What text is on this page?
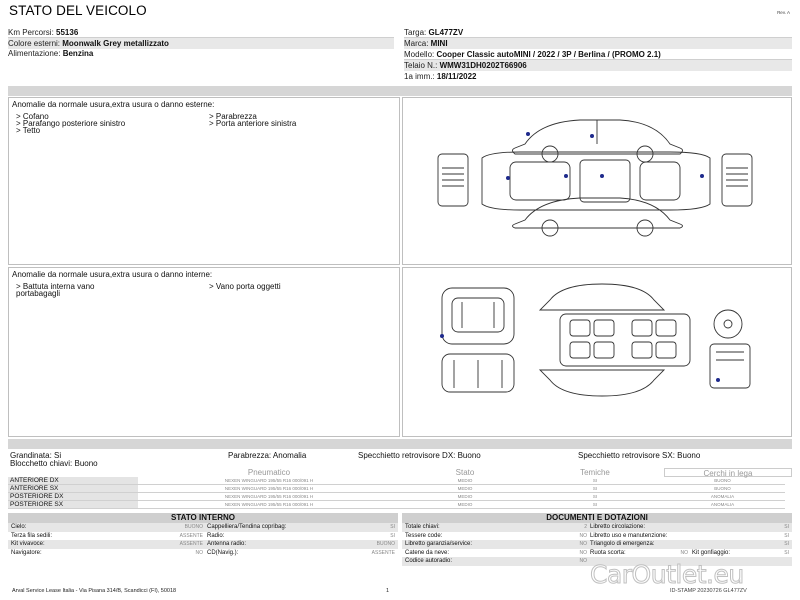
STATO DEL VEICOLO	Rev. A
Km Percorsi: 55136
Colore esterni: Moonwalk Grey metallizzato
Alimentazione: Benzina
Targa: GL477ZV
Marca: MINI
Modello: Cooper Classic autoMINI / 2022 / 3P / Berlina / (PROMO 2.1)
Telaio N.: WMW31DH0202T66906
1a imm.: 18/11/2022
Anomalie da normale usura,extra usura o danno esterne:
> Cofano
> Parafango posteriore sinistro
> Tetto
> Parabrezza
> Porta anteriore sinistra
Anomalie da normale usura,extra usura o danno interne:
> Battuta interna vano portabagagli
> Vano porta oggetti
Grandinata: Si	Parabrezza: Anomalia	Specchietto retrovisore DX: Buono	Specchietto retrovisore SX: Buono
Blocchetto chiavi: Buono
Pneumatico	Stato	Temiche	Cerchi in lega
ANTERIORE DX	NEXEN WINGUARD 195/55 R16 000/091 H	MEDIO	SI	BUONO
ANTERIORE SX	NEXEN WINGUARD 195/55 R16 000/091 H	MEDIO	SI	BUONO
POSTERIORE DX	NEXEN WINGUARD 195/55 R16 000/091 H	MEDIO	SI	ANOMALIA
POSTERIORE SX	NEXEN WINGUARD 195/55 R16 000/091 H	MEDIO	SI	ANOMALIA
STATO INTERNO
Cielo:	BUONO Cappelliera/Tendina copribag:	SI
Terza fila sedili:	ASSENTE Radio:	SI
Kit vivavoce:	ASSENTE Antenna radio:	BUONO
Navigatore:	NO CD(Navig.):	ASSENTE
DOCUMENTI E DOTAZIONI
Totale chiavi:	2 Libretto circolazione:	SI
Tessere code:	NO Libretto uso e manutenzione:	SI
Libretto garanzia/service:	NO Triangolo di emergenza:	SI
Catene da neve:	NO Ruota scorta:	NO Kit gonfiaggio:	SI
Codice autoradio:	NO
Arval Service Lease Italia - Via Pisana 314/B, Scandicci (FI), 50018	1	ID-STAMP 20230726 GL477ZV
CarOutlet.eu
